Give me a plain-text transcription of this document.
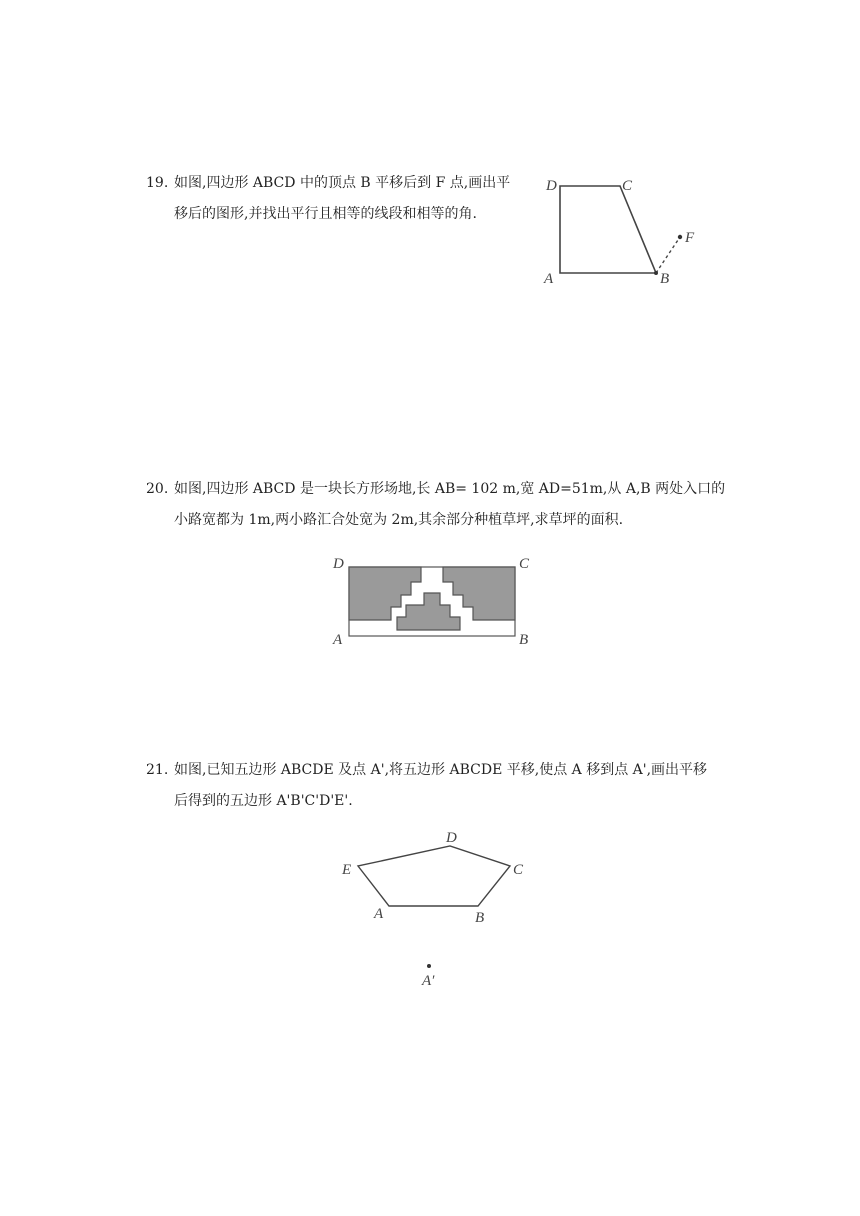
19. 如图,四边形 ABCD 中的顶点 B 平移后到 F 点,画出平
移后的图形,并找出平行且相等的线段和相等的角.
D	C
F
A	B
20. 如图,四边形 ABCD 是一块长方形场地,长 AB= 102 m,宽 AD=51m,从 A,B 两处入口的
小路宽都为 1m,两小路汇合处宽为 2m,其余部分种植草坪,求草坪的面积.
D	C
A	B
21. 如图,已知五边形 ABCDE 及点 A',将五边形 ABCDE 平移,使点 A 移到点 A',画出平移
后得到的五边形 A'B'C'D'E'.
D
E	C
A	B
A′
